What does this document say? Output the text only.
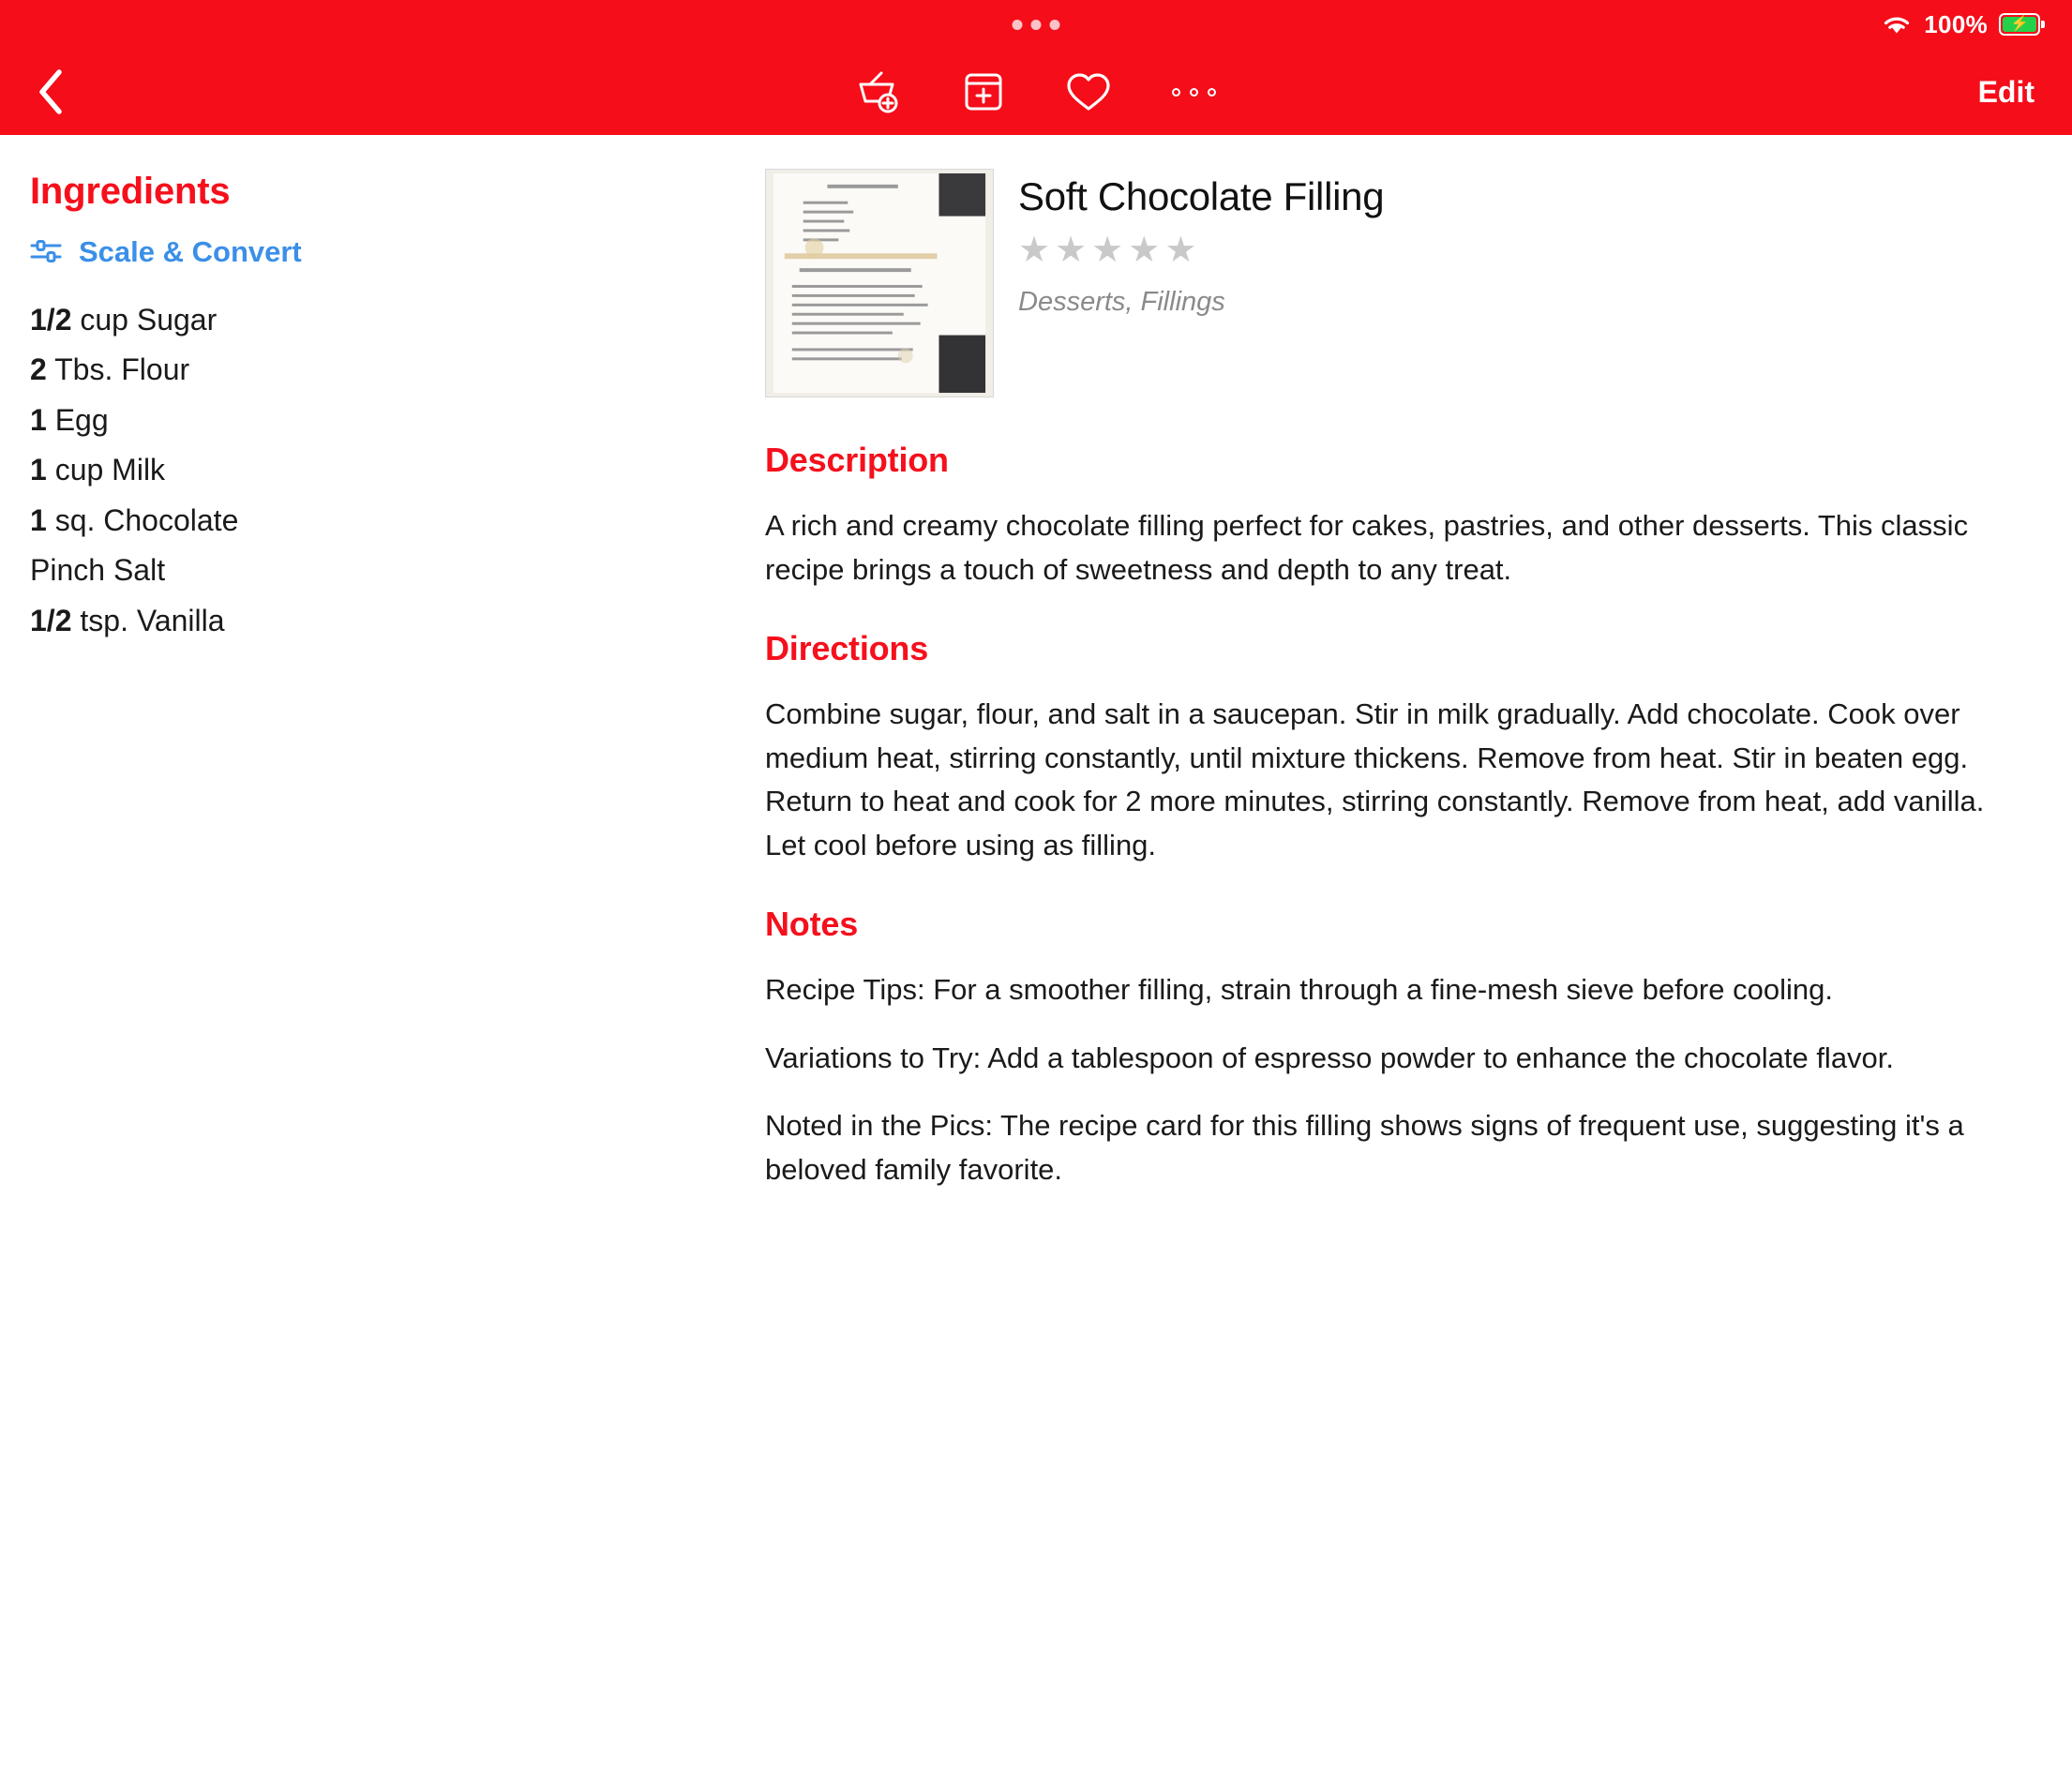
100% ⚡
Edit
Ingredients
Scale & Convert
1/2 cup Sugar
2 Tbs. Flour
1 Egg
1 cup Milk
1 sq. Chocolate
Pinch Salt
1/2 tsp. Vanilla
Soft Chocolate Filling
★ ★ ★ ★ ★
Desserts, Fillings
Description
A rich and creamy chocolate filling perfect for cakes, pastries, and other desserts. This classic recipe brings a touch of sweetness and depth to any treat.
Directions
Combine sugar, flour, and salt in a saucepan. Stir in milk gradually. Add chocolate. Cook over medium heat, stirring constantly, until mixture thickens. Remove from heat. Stir in beaten egg. Return to heat and cook for 2 more minutes, stirring constantly. Remove from heat, add vanilla. Let cool before using as filling.
Notes

Recipe Tips: For a smoother filling, strain through a fine-mesh sieve before cooling.

Variations to Try: Add a tablespoon of espresso powder to enhance the chocolate flavor.

Noted in the Pics: The recipe card for this filling shows signs of frequent use, suggesting it's a beloved family favorite.
